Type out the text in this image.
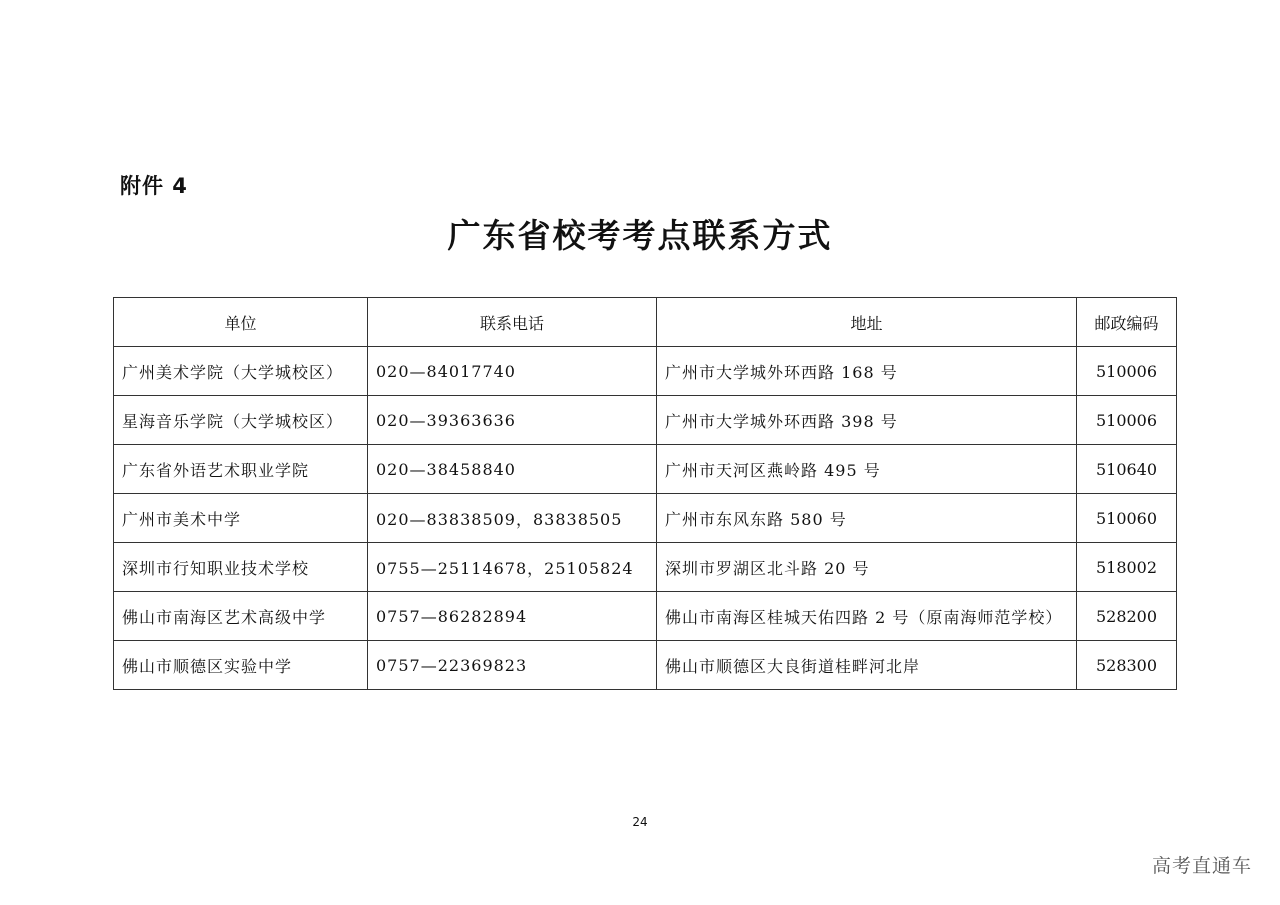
附件 4
广东省校考考点联系方式
单位	联系电话	地址	邮政编码
广州美术学院（大学城校区）	020—84017740	广州市大学城外环西路 168 号	510006
星海音乐学院（大学城校区）	020—39363636	广州市大学城外环西路 398 号	510006
广东省外语艺术职业学院	020—38458840	广州市天河区燕岭路 495 号	510640
广州市美术中学	020—83838509，83838505	广州市东风东路 580 号	510060
深圳市行知职业技术学校	0755—25114678，25105824	深圳市罗湖区北斗路 20 号	518002
佛山市南海区艺术高级中学	0757—86282894	佛山市南海区桂城天佑四路 2 号（原南海师范学校）	528200
佛山市顺德区实验中学	0757—22369823	佛山市顺德区大良街道桂畔河北岸	528300
24
高考直通车
